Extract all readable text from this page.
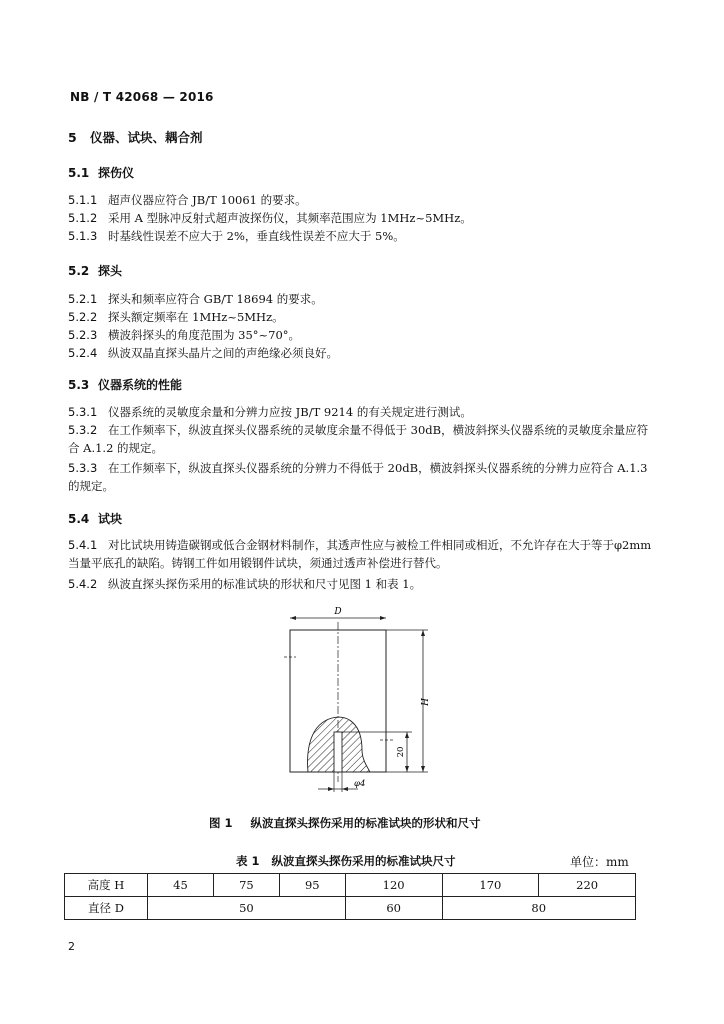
NB / T 42068 — 2016
5 仪器、试块、耦合剂
5.1 探伤仪
5.1.1 超声仪器应符合 JB/T 10061 的要求。
5.1.2 采用 A 型脉冲反射式超声波探伤仪，其频率范围应为 1MHz~5MHz。
5.1.3 时基线性误差不应大于 2%，垂直线性误差不应大于 5%。
5.2 探头
5.2.1 探头和频率应符合 GB/T 18694 的要求。
5.2.2 探头额定频率在 1MHz~5MHz。
5.2.3 横波斜探头的角度范围为 35°~70°。
5.2.4 纵波双晶直探头晶片之间的声绝缘必须良好。
5.3 仪器系统的性能
5.3.1 仪器系统的灵敏度余量和分辨力应按 JB/T 9214 的有关规定进行测试。
5.3.2 在工作频率下，纵波直探头仪器系统的灵敏度余量不得低于 30dB，横波斜探头仪器系统的灵敏度余量应符合 A.1.2 的规定。
5.3.3 在工作频率下，纵波直探头仪器系统的分辨力不得低于 20dB，横波斜探头仪器系统的分辨力应符合 A.1.3 的规定。
5.4 试块
5.4.1 对比试块用铸造碳钢或低合金钢材料制作，其透声性应与被检工件相同或相近，不允许存在大于等于φ2mm 当量平底孔的缺陷。铸钢工件如用锻钢件试块，须通过透声补偿进行替代。
5.4.2 纵波直探头探伤采用的标准试块的形状和尺寸见图 1 和表 1。
D
H
20
φ4
图 1 纵波直探头探伤采用的标准试块的形状和尺寸
表 1 纵波直探头探伤采用的标准试块尺寸	单位：mm
高度 H	45	75	95	120	170	220
直径 D	50			60	80	
2
